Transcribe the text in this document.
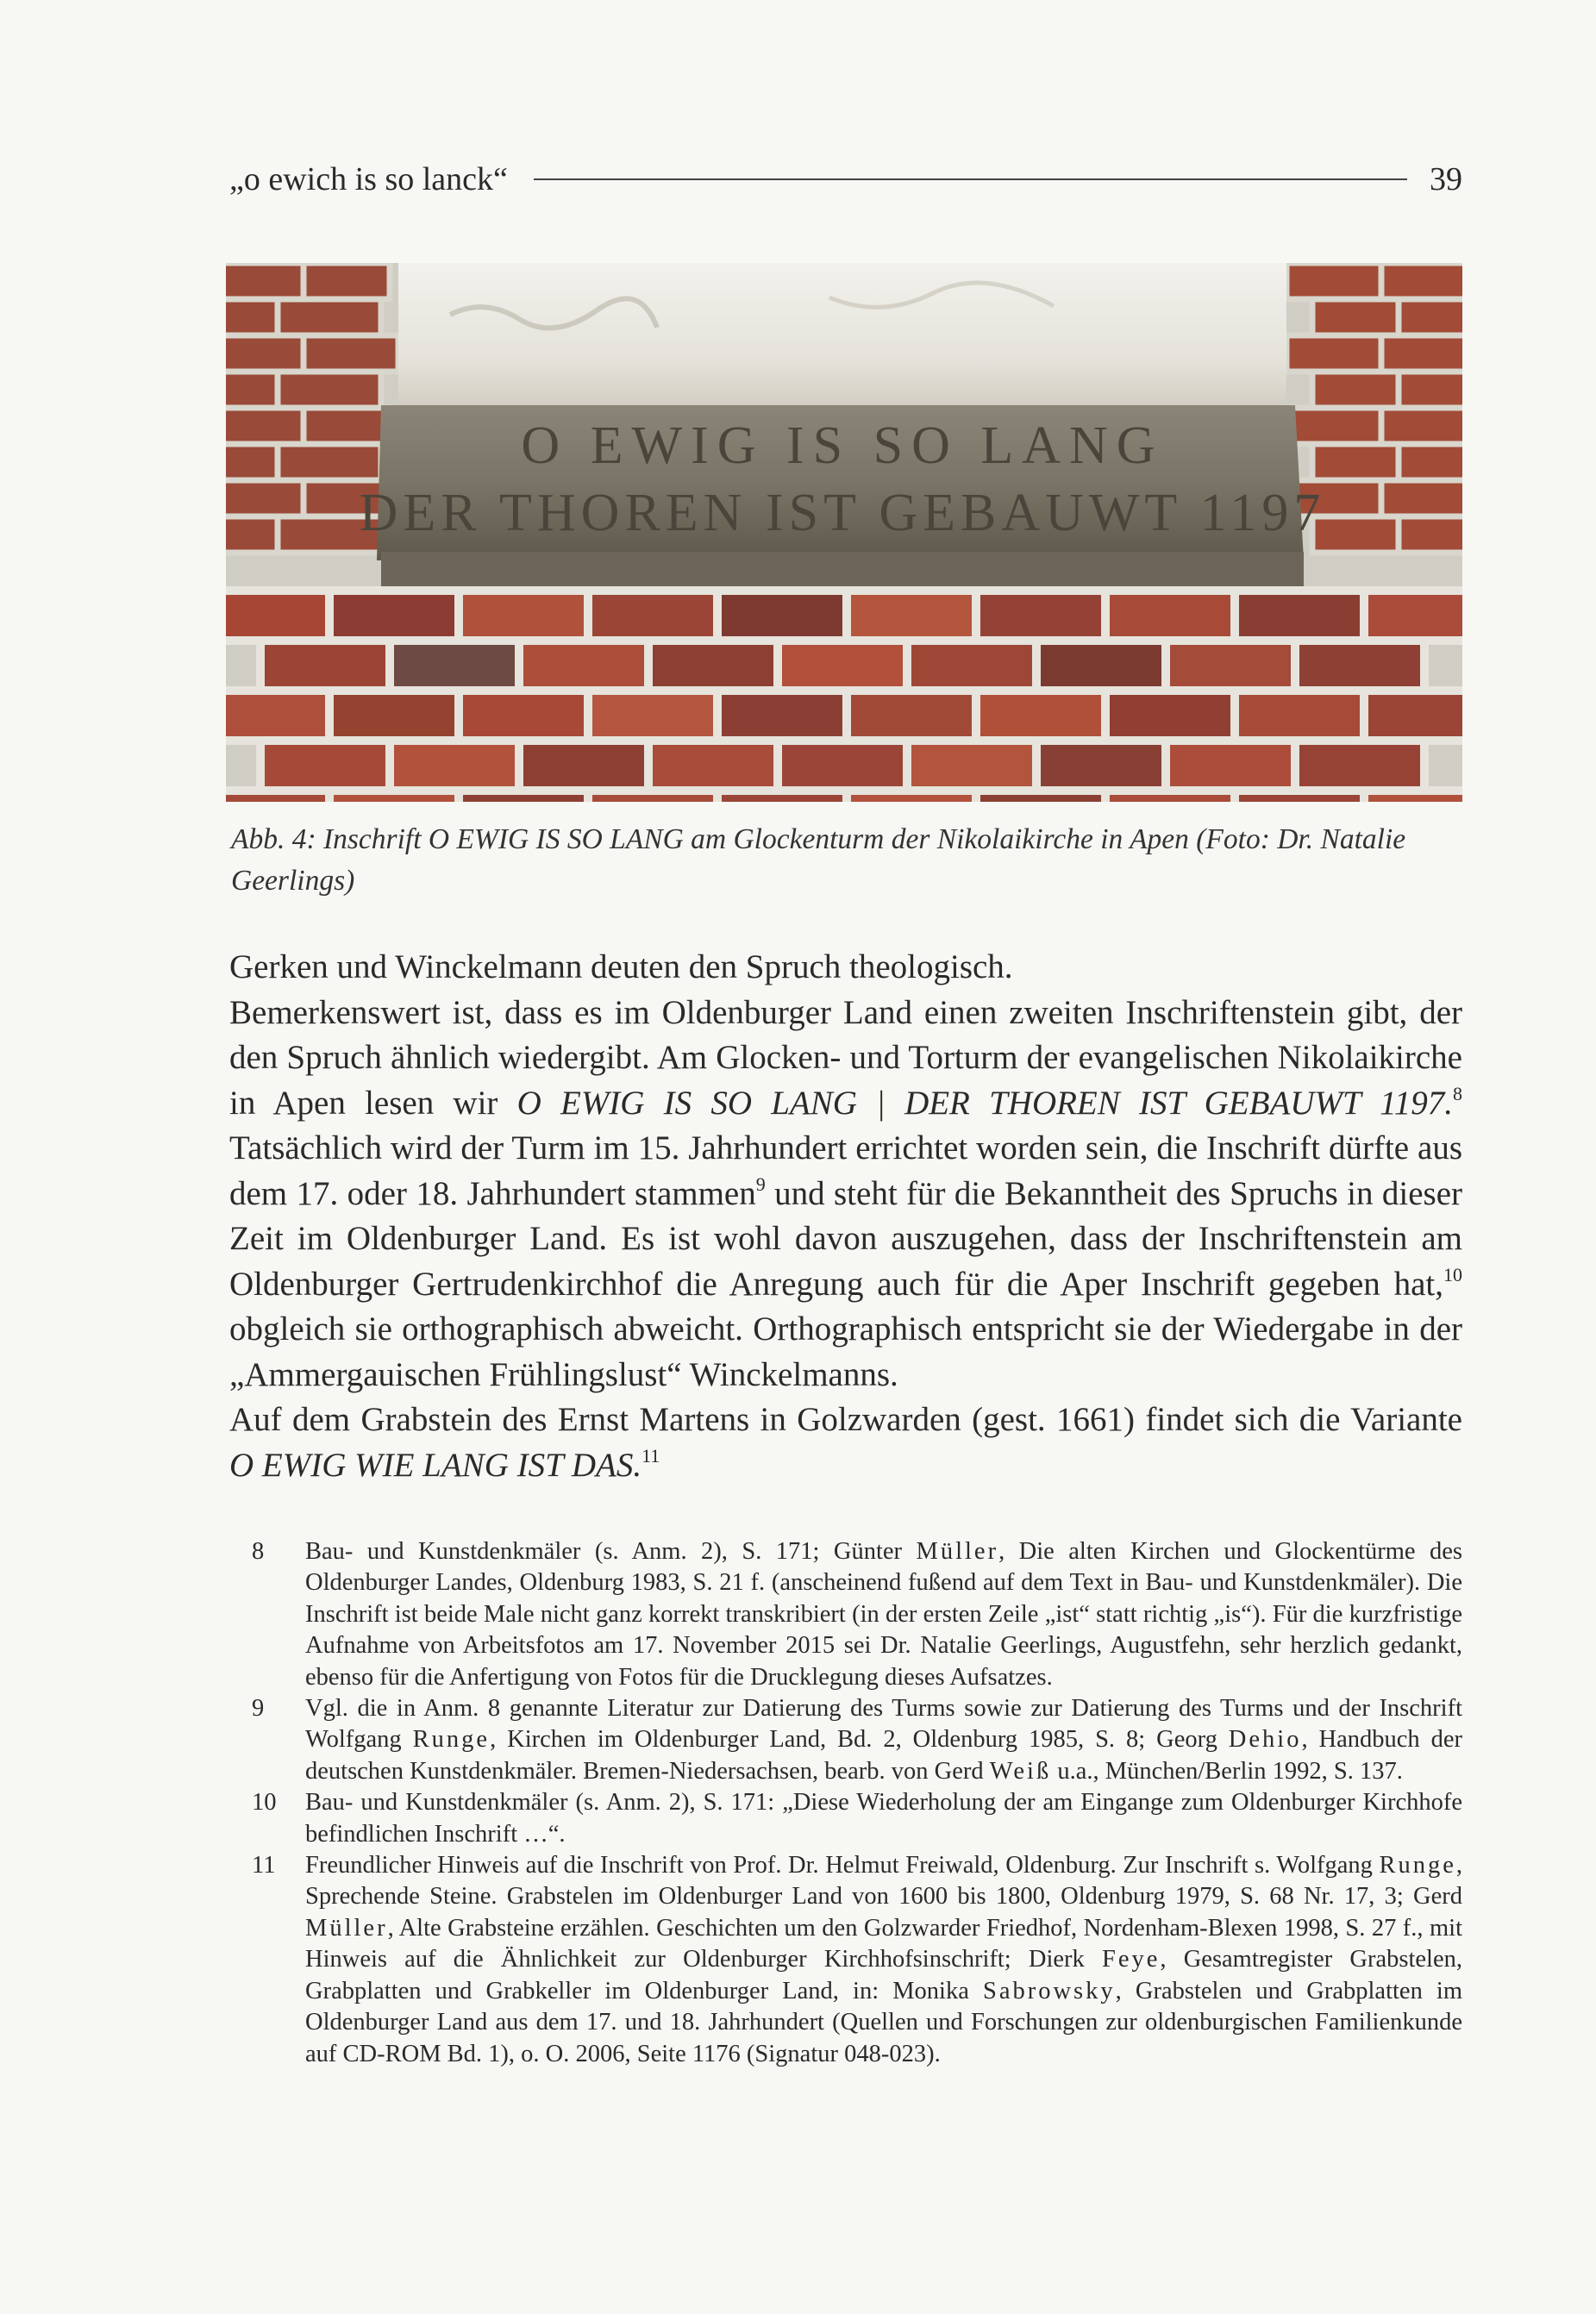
„o ewich is so lanck“	39
O EWIG IS SO LANG
DER THOREN IST GEBAUWT 1197
Abb. 4: Inschrift O EWIG IS SO LANG am Glockenturm der Nikolaikirche in Apen (Foto: Dr. Natalie Geerlings)

Gerken und Winckelmann deuten den Spruch theologisch.

Bemerkenswert ist, dass es im Oldenburger Land einen zweiten Inschriftenstein gibt, der den Spruch ähnlich wiedergibt. Am Glocken- und Torturm der evangelischen Nikolaikirche in Apen lesen wir O EWIG IS SO LANG | DER THOREN IST GEBAUWT 1197.$^8$ Tatsächlich wird der Turm im 15. Jahrhundert errichtet worden sein, die Inschrift dürfte aus dem 17. oder 18. Jahrhundert stammen$^9$ und steht für die Bekanntheit des Spruchs in dieser Zeit im Oldenburger Land. Es ist wohl davon auszugehen, dass der Inschriftenstein am Oldenburger Gertrudenkirchhof die Anregung auch für die Aper Inschrift gegeben hat,$^{10}$ obgleich sie orthographisch abweicht. Orthographisch entspricht sie der Wiedergabe in der „Ammergauischen Frühlingslust“ Winckelmanns.

Auf dem Grabstein des Ernst Martens in Golzwarden (gest. 1661) findet sich die Variante O EWIG WIE LANG IST DAS.$^{11}$

8	Bau- und Kunstdenkmäler (s. Anm. 2), S. 171; Günter Müller, Die alten Kirchen und Glockentürme des Oldenburger Landes, Oldenburg 1983, S. 21 f. (anscheinend fußend auf dem Text in Bau- und Kunstdenkmäler). Die Inschrift ist beide Male nicht ganz korrekt transkribiert (in der ersten Zeile „ist“ statt richtig „is“). Für die kurzfristige Aufnahme von Arbeitsfotos am 17. November 2015 sei Dr. Natalie Geerlings, Augustfehn, sehr herzlich gedankt, ebenso für die Anfertigung von Fotos für die Drucklegung dieses Aufsatzes.
9	Vgl. die in Anm. 8 genannte Literatur zur Datierung des Turms sowie zur Datierung des Turms und der Inschrift Wolfgang Runge, Kirchen im Oldenburger Land, Bd. 2, Oldenburg 1985, S. 8; Georg Dehio, Handbuch der deutschen Kunstdenkmäler. Bremen-Niedersachsen, bearb. von Gerd Weiß u.a., München/Berlin 1992, S. 137.
10	Bau- und Kunstdenkmäler (s. Anm. 2), S. 171: „Diese Wiederholung der am Eingange zum Oldenburger Kirchhofe befindlichen Inschrift …“.
11	Freundlicher Hinweis auf die Inschrift von Prof. Dr. Helmut Freiwald, Oldenburg. Zur Inschrift s. Wolfgang Runge, Sprechende Steine. Grabstelen im Oldenburger Land von 1600 bis 1800, Oldenburg 1979, S. 68 Nr. 17, 3; Gerd Müller, Alte Grabsteine erzählen. Geschichten um den Golzwarder Friedhof, Nordenham-Blexen 1998, S. 27 f., mit Hinweis auf die Ähnlichkeit zur Oldenburger Kirchhofsinschrift; Dierk Feye, Gesamtregister Grabstelen, Grabplatten und Grabkeller im Oldenburger Land, in: Monika Sabrowsky, Grabstelen und Grabplatten im Oldenburger Land aus dem 17. und 18. Jahrhundert (Quellen und Forschungen zur oldenburgischen Familienkunde auf CD-ROM Bd. 1), o. O. 2006, Seite 1176 (Signatur 048-023).
